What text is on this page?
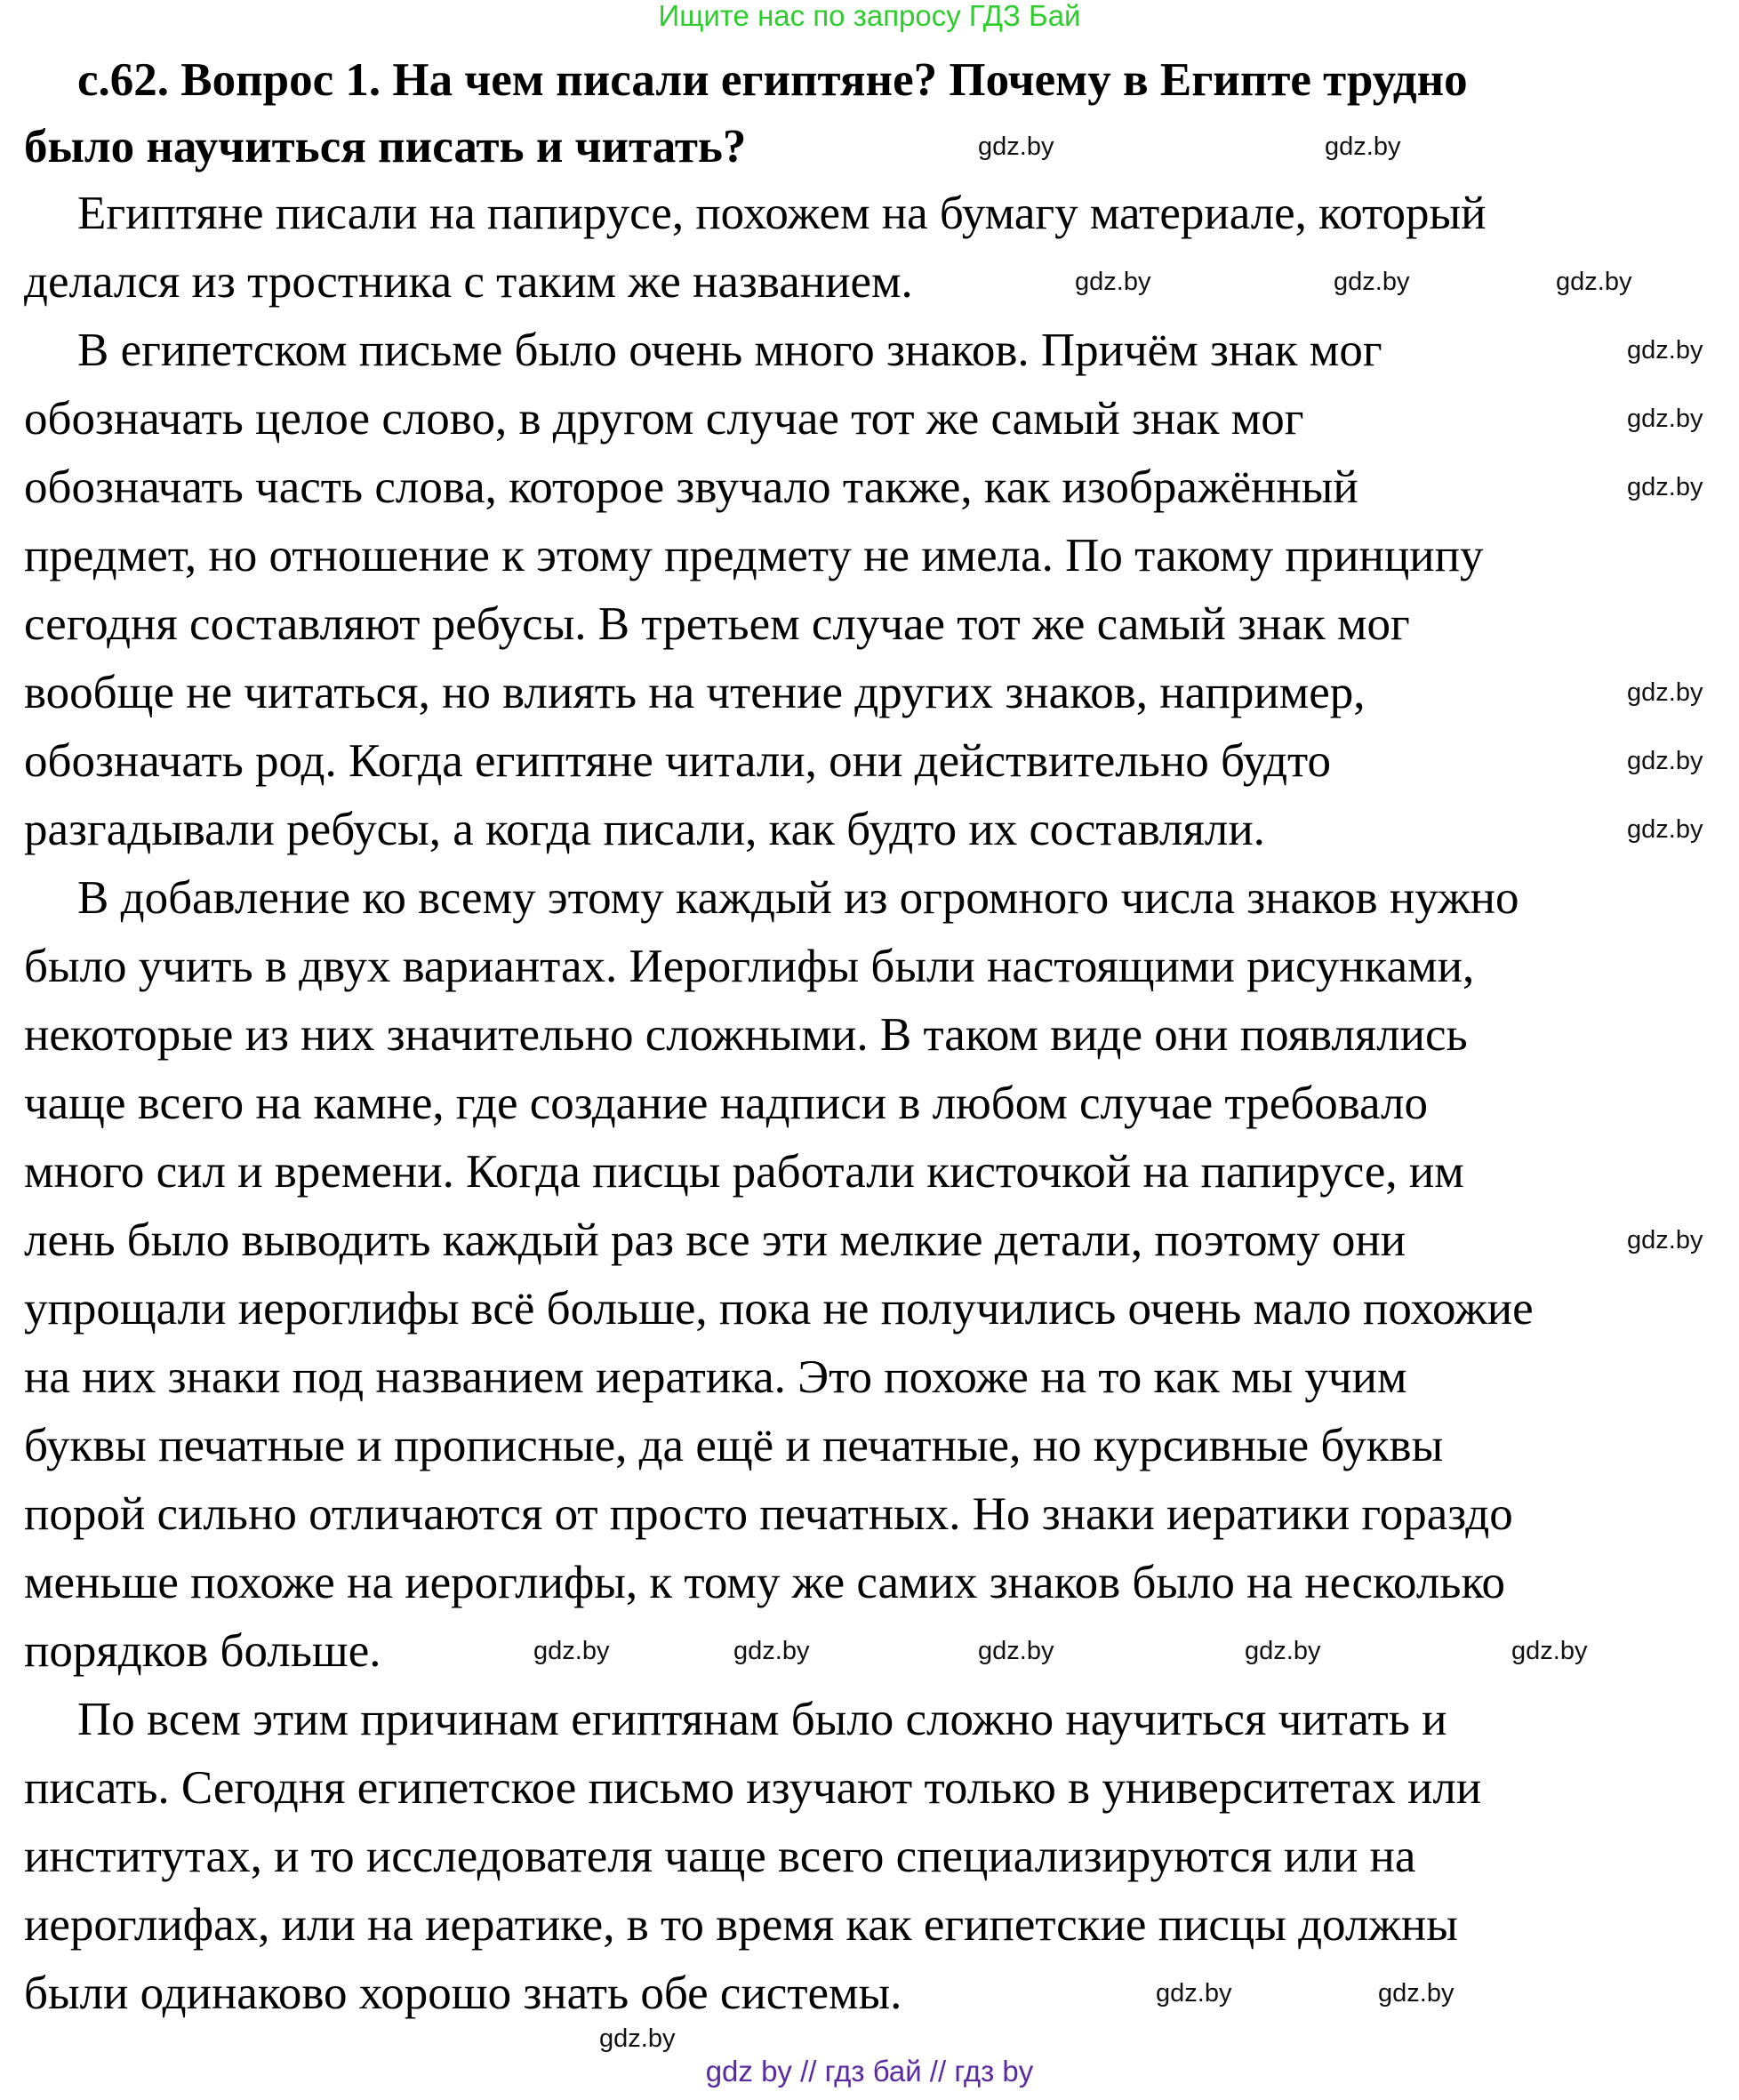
Ищите нас по запросу ГДЗ Бай
с.62. Вопрос 1. На чем писали египтяне? Почему в Египте трудно
было научиться писать и читать?
Египтяне писали на папирусе, похожем на бумагу материале, который
делался из тростника с таким же названием.
В египетском письме было очень много знаков. Причём знак мог
обозначать целое слово, в другом случае тот же самый знак мог
обозначать часть слова, которое звучало также, как изображённый
предмет, но отношение к этому предмету не имела. По такому принципу
сегодня составляют ребусы. В третьем случае тот же самый знак мог
вообще не читаться, но влиять на чтение других знаков, например,
обозначать род. Когда египтяне читали, они действительно будто
разгадывали ребусы, а когда писали, как будто их составляли.
В добавление ко всему этому каждый из огромного числа знаков нужно
было учить в двух вариантах. Иероглифы были настоящими рисунками,
некоторые из них значительно сложными. В таком виде они появлялись
чаще всего на камне, где создание надписи в любом случае требовало
много сил и времени. Когда писцы работали кисточкой на папирусе, им
лень было выводить каждый раз все эти мелкие детали, поэтому они
упрощали иероглифы всё больше, пока не получились очень мало похожие
на них знаки под названием иератика. Это похоже на то как мы учим
буквы печатные и прописные, да ещё и печатные, но курсивные буквы
порой сильно отличаются от просто печатных. Но знаки иератики гораздо
меньше похоже на иероглифы, к тому же самих знаков было на несколько
порядков больше.
По всем этим причинам египтянам было сложно научиться читать и
писать. Сегодня египетское письмо изучают только в университетах или
институтах, и то исследователя чаще всего специализируются или на
иероглифах, или на иератике, в то время как египетские писцы должны
были одинаково хорошо знать обе системы.
gdz.by
gdz.by
gdz.by	gdz.by	gdz.by
gdz.by
gdz.by
gdz.by
gdz.by
gdz.by
gdz.by
gdz.by
gdz.by	gdz.by	gdz.by	gdz.by	gdz.by
gdz.by	gdz.by
gdz.by
gdz by // гдз бай // гдз by
